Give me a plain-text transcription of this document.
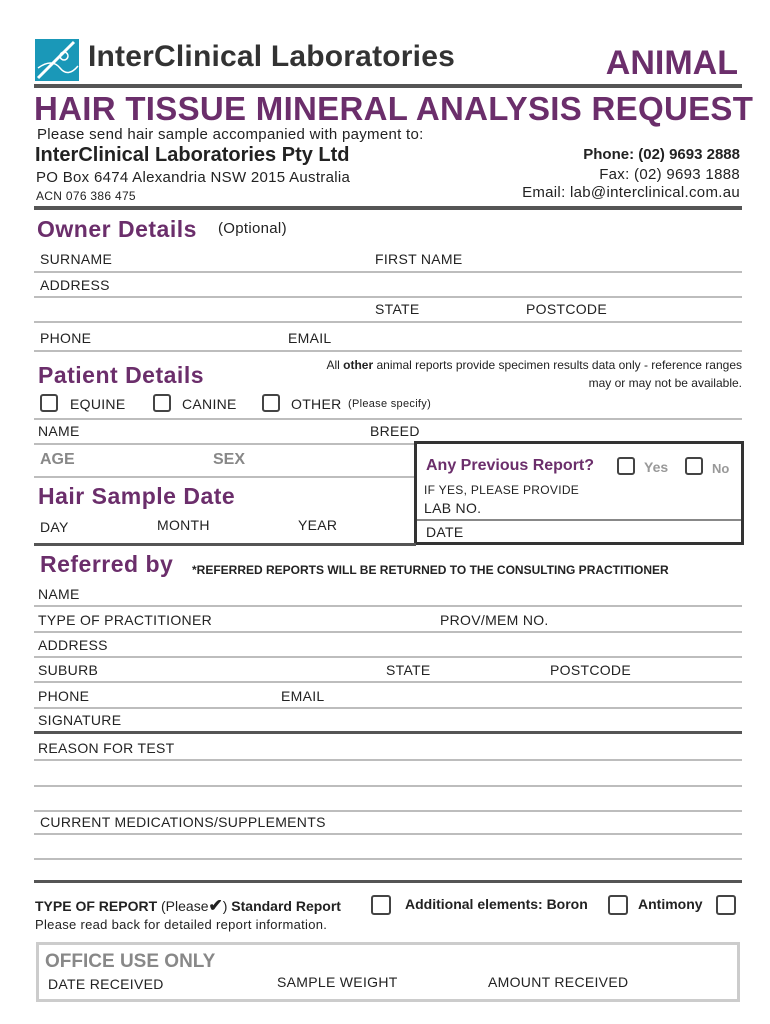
InterClinical Laboratories	ANIMAL
HAIR TISSUE MINERAL ANALYSIS REQUEST
Please send hair sample accompanied with payment to:
InterClinical Laboratories Pty Ltd
PO Box 6474 Alexandria NSW 2015 Australia
ACN 076 386 475
Phone: (02) 9693 2888
Fax: (02) 9693 1888
Email: lab@interclinical.com.au
Owner Details (Optional)
SURNAME	FIRST NAME
ADDRESS
STATE	POSTCODE
PHONE	EMAIL
Patient Details	All other animal reports provide specimen results data only - reference ranges
may or may not be available.
EQUINE	CANINE	OTHER (Please specify)
NAME	BREED
AGE	SEX	Any Previous Report?	Yes	No
IF YES, PLEASE PROVIDE
LAB NO.
DATE
Hair Sample Date
DAY	MONTH	YEAR
Referred by *REFERRED REPORTS WILL BE RETURNED TO THE CONSULTING PRACTITIONER
NAME
TYPE OF PRACTITIONER	PROV/MEM NO.
ADDRESS
SUBURB	STATE	POSTCODE
PHONE	EMAIL
SIGNATURE
REASON FOR TEST
CURRENT MEDICATIONS/SUPPLEMENTS
TYPE OF REPORT (Please✔) Standard Report	Additional elements: Boron	Antimony
Please read back for detailed report information.
OFFICE USE ONLY
DATE RECEIVED	SAMPLE WEIGHT	AMOUNT RECEIVED
